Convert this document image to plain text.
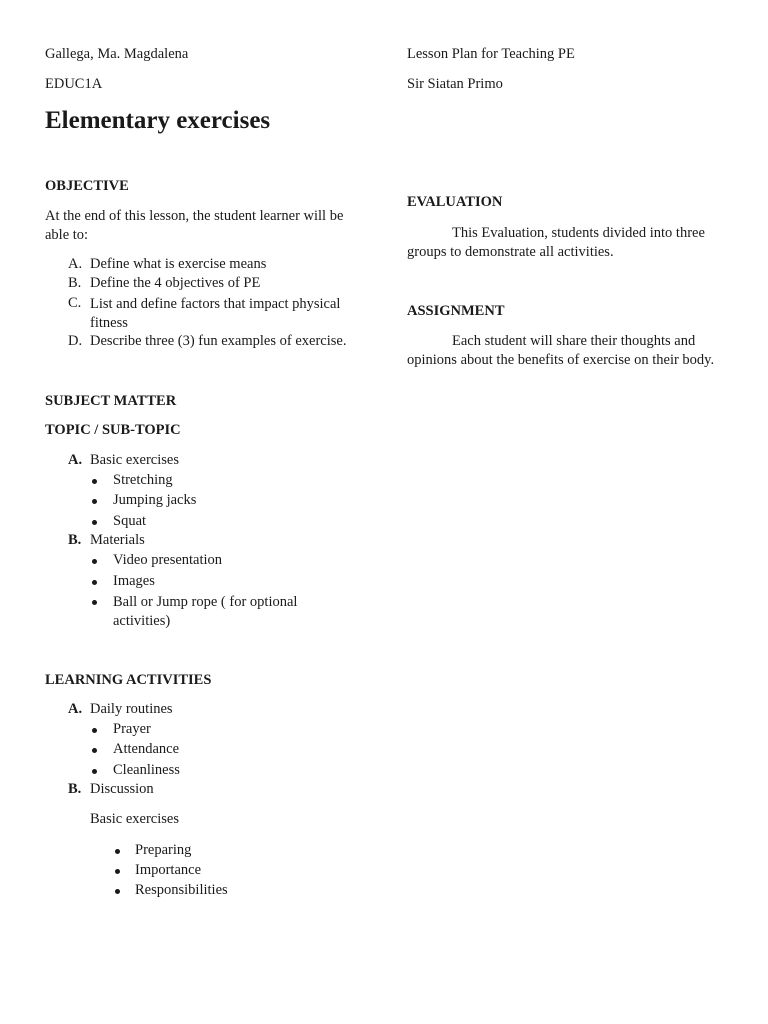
Gallega, Ma. Magdalena
EDUC1A
Lesson Plan for Teaching PE
Sir Siatan Primo
Elementary exercises
OBJECTIVE
At the end of this lesson, the student learner will be able to:
A. Define what is exercise means
B. Define the 4 objectives of PE
C. List and define factors that impact physical fitness
D. Describe three (3) fun examples of exercise.
SUBJECT MATTER
TOPIC / SUB-TOPIC
A. Basic exercises
Stretching
Jumping jacks
Squat
B. Materials
Video presentation
Images
Ball or Jump rope ( for optional activities)
LEARNING ACTIVITIES
A. Daily routines
Prayer
Attendance
Cleanliness
B. Discussion
Basic exercises
Preparing
Importance
Responsibilities
EVALUATION
This Evaluation, students divided into three groups to demonstrate all activities.
ASSIGNMENT
Each student will share their thoughts and opinions about the benefits of exercise on their body.
